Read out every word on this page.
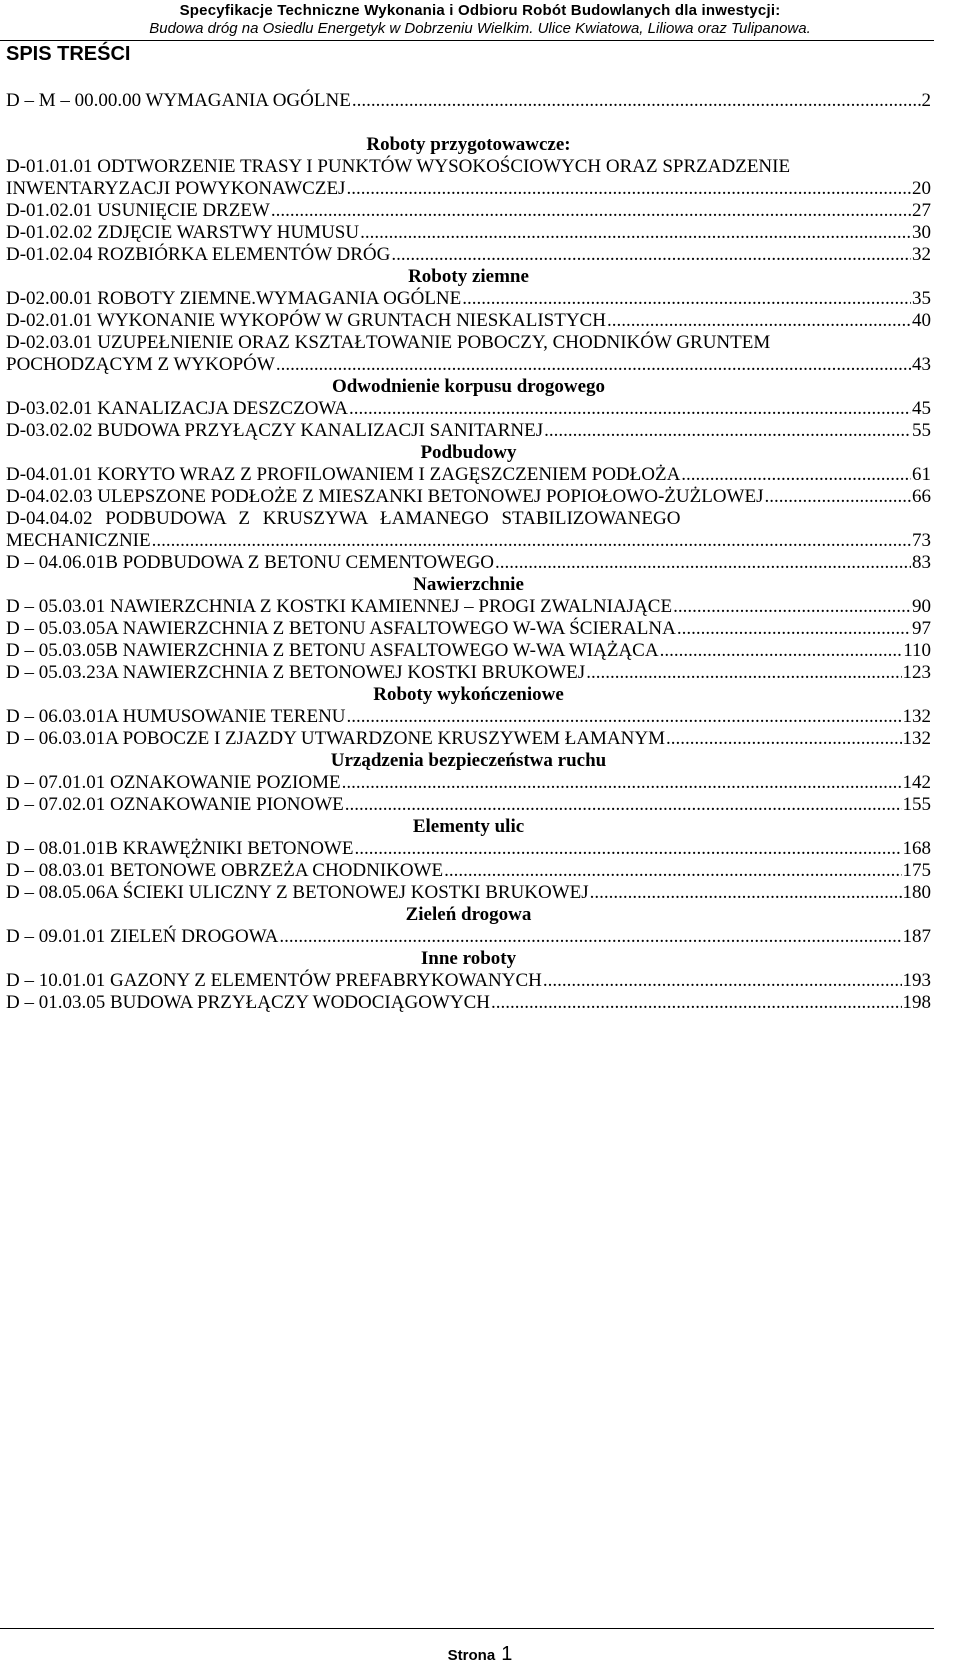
Specyfikacje Techniczne Wykonania i Odbioru Robót Budowlanych dla inwestycji:
Budowa dróg na Osiedlu Energetyk w Dobrzeniu Wielkim. Ulice Kwiatowa, Liliowa oraz Tulipanowa.
SPIS TREŚCI
D – M – 00.00.00 WYMAGANIA OGÓLNE .....	2
Roboty przygotowawcze:
D-01.01.01 ODTWORZENIE TRASY I PUNKTÓW WYSOKOŚCIOWYCH ORAZ SPRZADZENIE
INWENTARYZACJI POWYKONAWCZEJ .....	20
D-01.02.01 USUNIĘCIE DRZEW .....	27
D-01.02.02 ZDJĘCIE WARSTWY HUMUSU .....	30
D-01.02.04 ROZBIÓRKA ELEMENTÓW DRÓG .....	32
Roboty ziemne
D-02.00.01 ROBOTY ZIEMNE.WYMAGANIA OGÓLNE .....	35
D-02.01.01 WYKONANIE WYKOPÓW W GRUNTACH NIESKALISTYCH .....	40
D-02.03.01 UZUPEŁNIENIE ORAZ KSZTAŁTOWANIE POBOCZY, CHODNIKÓW GRUNTEM
POCHODZĄCYM Z WYKOPÓW .....	43
Odwodnienie korpusu drogowego
D-03.02.01 KANALIZACJA DESZCZOWA .....	45
D-03.02.02 BUDOWA PRZYŁĄCZY KANALIZACJI SANITARNEJ .....	55
Podbudowy
D-04.01.01 KORYTO WRAZ Z PROFILOWANIEM I ZAGĘSZCZENIEM PODŁOŻA .....	61
D-04.02.03 ULEPSZONE PODŁOŻE Z MIESZANKI BETONOWEJ POPIOŁOWO-ŻUŻLOWEJ .....	66
D-04.04.02 PODBUDOWA Z KRUSZYWA ŁAMANEGO STABILIZOWANEGO
MECHANICZNIE .....	73
D – 04.06.01B PODBUDOWA Z BETONU CEMENTOWEGO .....	83
Nawierzchnie
D – 05.03.01 NAWIERZCHNIA Z KOSTKI KAMIENNEJ – PROGI ZWALNIAJĄCE .....	90
D – 05.03.05A NAWIERZCHNIA Z BETONU ASFALTOWEGO W-WA ŚCIERALNA .....	97
D – 05.03.05B NAWIERZCHNIA Z BETONU ASFALTOWEGO W-WA WIĄŻĄCA .....	110
D – 05.03.23A NAWIERZCHNIA Z BETONOWEJ KOSTKI BRUKOWEJ .....	123
Roboty wykończeniowe
D – 06.03.01A HUMUSOWANIE TERENU .....	132
D – 06.03.01A POBOCZE I ZJAZDY UTWARDZONE KRUSZYWEM ŁAMANYM .....	132
Urządzenia bezpieczeństwa ruchu
D – 07.01.01 OZNAKOWANIE POZIOME .....	142
D – 07.02.01 OZNAKOWANIE PIONOWE .....	155
Elementy ulic
D – 08.01.01B KRAWĘŻNIKI BETONOWE .....	168
D – 08.03.01 BETONOWE OBRZEŻA CHODNIKOWE .....	175
D – 08.05.06A ŚCIEKI ULICZNY Z BETONOWEJ KOSTKI BRUKOWEJ .....	180
Zieleń drogowa
D – 09.01.01 ZIELEŃ DROGOWA .....	187
Inne roboty
D – 10.01.01 GAZONY Z ELEMENTÓW PREFABRYKOWANYCH .....	193
D – 01.03.05 BUDOWA PRZYŁĄCZY WODOCIĄGOWYCH .....	198
Strona 1
